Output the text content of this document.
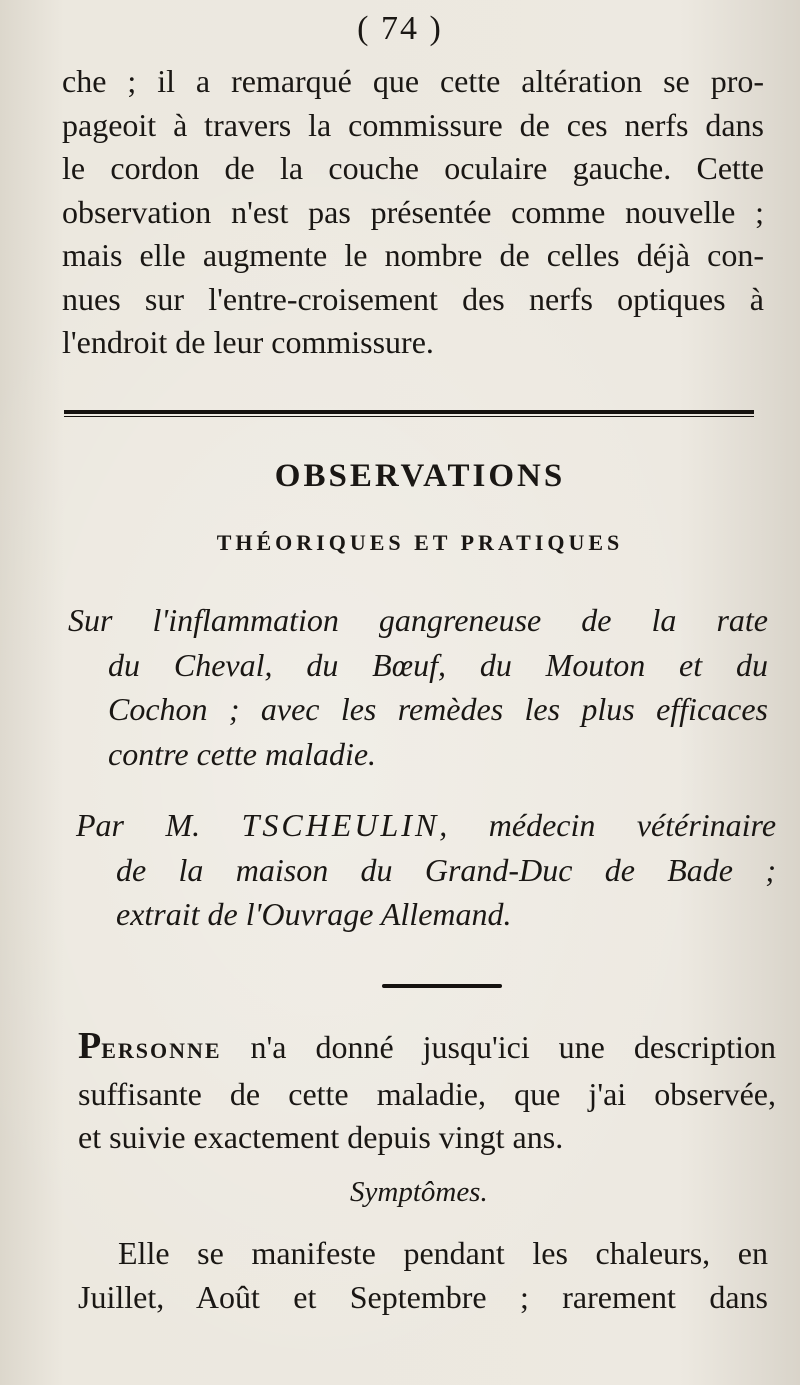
( 74 )

che ; il a remarqué que cette altération se pro-
pageoit à travers la commissure de ces nerfs dans
le cordon de la couche oculaire gauche. Cette
observation n'est pas présentée comme nouvelle ;
mais elle augmente le nombre de celles déjà con-
nues sur l'entre-croisement des nerfs optiques à
l'endroit de leur commissure.

OBSERVATIONS
THÉORIQUES ET PRATIQUES
Sur l'inflammation gangreneuse de la rate
du Cheval, du Bœuf, du Mouton et du
Cochon ; avec les remèdes les plus efficaces
contre cette maladie.
Par M. TSCHEULIN, médecin vétérinaire
de la maison du Grand-Duc de Bade ;
extrait de l'Ouvrage Allemand.

PERSONNE n'a donné jusqu'ici une description
suffisante de cette maladie, que j'ai observée,
et suivie exactement depuis vingt ans.

Symptômes.

Elle se manifeste pendant les chaleurs, en
Juillet, Août et Septembre ; rarement dans
